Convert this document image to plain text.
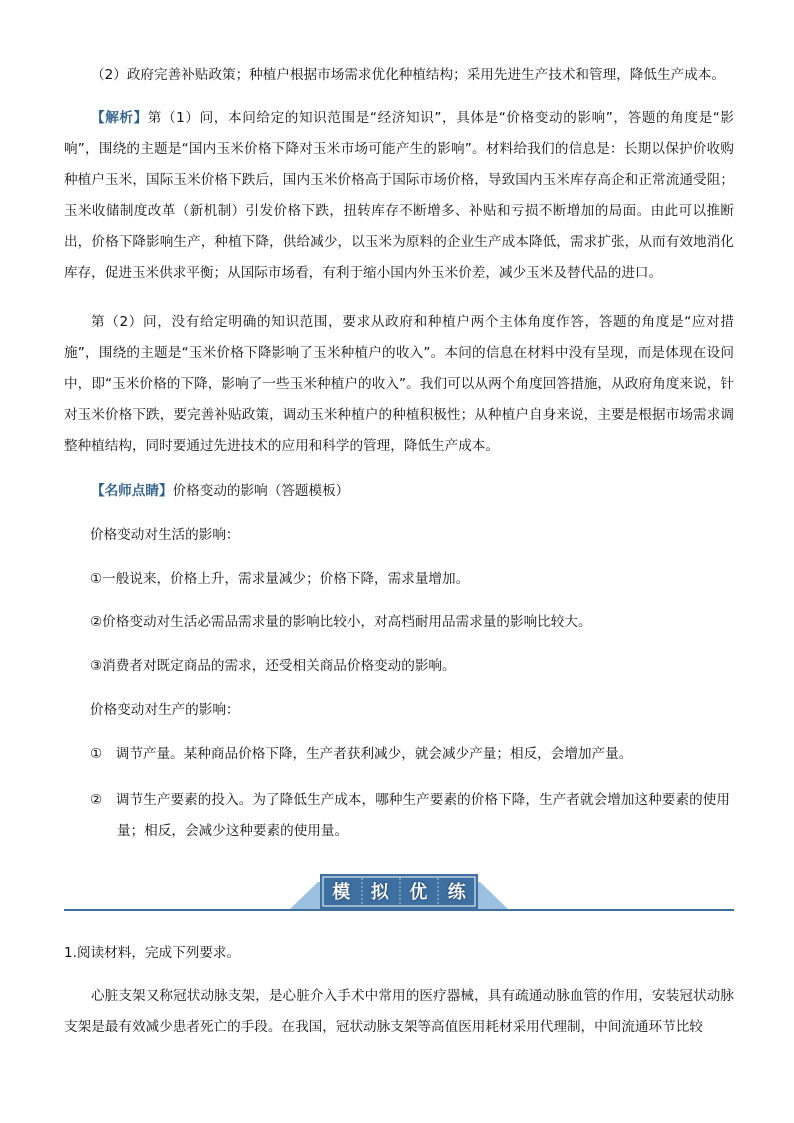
（2）政府完善补贴政策；种植户根据市场需求优化种植结构；采用先进生产技术和管理，降低生产成本。

【解析】第（1）问，本问给定的知识范围是“经济知识”，具体是“价格变动的影响”，答题的角度是“影响”，围绕的主题是“国内玉米价格下降对玉米市场可能产生的影响”。材料给我们的信息是：长期以保护价收购种植户玉米，国际玉米价格下跌后，国内玉米价格高于国际市场价格，导致国内玉米库存高企和正常流通受阻；玉米收储制度改革（新机制）引发价格下跌，扭转库存不断增多、补贴和亏损不断增加的局面。由此可以推断出，价格下降影响生产，种植下降，供给减少，以玉米为原料的企业生产成本降低，需求扩张，从而有效地消化库存，促进玉米供求平衡；从国际市场看，有利于缩小国内外玉米价差，减少玉米及替代品的进口。

第（2）问，没有给定明确的知识范围，要求从政府和种植户两个主体角度作答，答题的角度是“应对措施”，围绕的主题是“玉米价格下降影响了玉米种植户的收入”。本问的信息在材料中没有呈现，而是体现在设问中，即“玉米价格的下降，影响了一些玉米种植户的收入”。我们可以从两个角度回答措施，从政府角度来说，针对玉米价格下跌，要完善补贴政策，调动玉米种植户的种植积极性；从种植户自身来说，主要是根据市场需求调整种植结构，同时要通过先进技术的应用和科学的管理，降低生产成本。

【名师点睛】价格变动的影响（答题模板）

价格变动对生活的影响：

①一般说来，价格上升，需求量减少；价格下降，需求量增加。

②价格变动对生活必需品需求量的影响比较小，对高档耐用品需求量的影响比较大。

③消费者对既定商品的需求，还受相关商品价格变动的影响。

价格变动对生产的影响：

①　调节产量。某种商品价格下降，生产者获利减少，就会减少产量；相反，会增加产量。

②　调节生产要素的投入。为了降低生产成本，哪种生产要素的价格下降，生产者就会增加这种要素的使用量；相反，会减少这种要素的使用量。

模	拟	优	练

1.阅读材料，完成下列要求。

心脏支架又称冠状动脉支架，是心脏介入手术中常用的医疗器械，具有疏通动脉血管的作用，安装冠状动脉支架是最有效减少患者死亡的手段。在我国，冠状动脉支架等高值医用耗材采用代理制，中间流通环节比较
